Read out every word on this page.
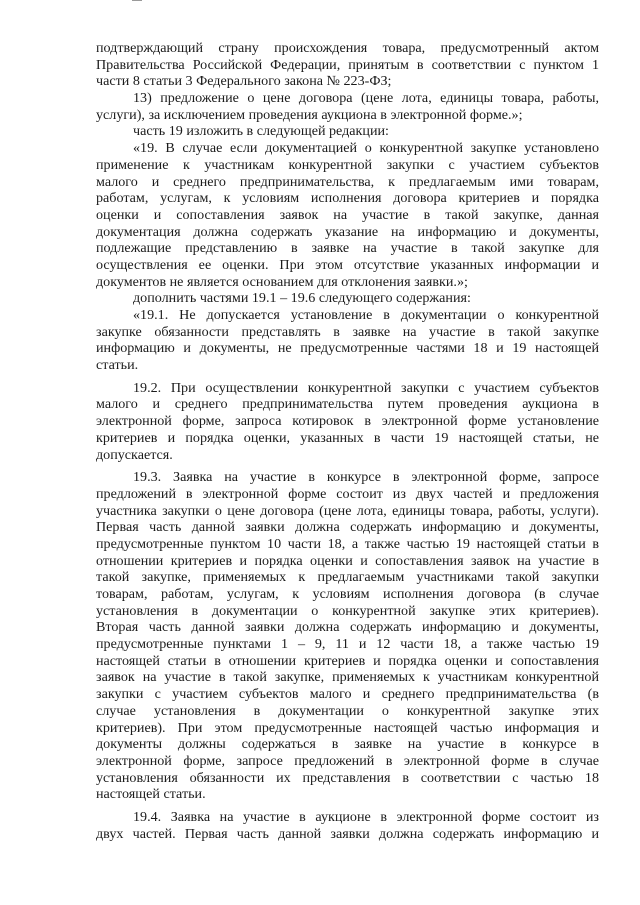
подтверждающий страну происхождения товара, предусмотренный актом
Правительства Российской Федерации, принятым в соответствии с пунктом 1
части 8 статьи 3 Федерального закона № 223-ФЗ;
13) предложение о цене договора (цене лота, единицы товара, работы,
услуги), за исключением проведения аукциона в электронной форме.»;
часть 19 изложить в следующей редакции:
«19. В случае если документацией о конкурентной закупке установлено
применение к участникам конкурентной закупки с участием субъектов
малого и среднего предпринимательства, к предлагаемым ими товарам,
работам, услугам, к условиям исполнения договора критериев и порядка
оценки и сопоставления заявок на участие в такой закупке, данная
документация должна содержать указание на информацию и документы,
подлежащие представлению в заявке на участие в такой закупке для
осуществления ее оценки. При этом отсутствие указанных информации и
документов не является основанием для отклонения заявки.»;
дополнить частями 19.1 – 19.6 следующего содержания:
«19.1. Не допускается установление в документации о конкурентной
закупке обязанности представлять в заявке на участие в такой закупке
информацию и документы, не предусмотренные частями 18 и 19 настоящей
статьи.
19.2. При осуществлении конкурентной закупки с участием субъектов
малого и среднего предпринимательства путем проведения аукциона в
электронной форме, запроса котировок в электронной форме установление
критериев и порядка оценки, указанных в части 19 настоящей статьи, не
допускается.
19.3. Заявка на участие в конкурсе в электронной форме, запросе
предложений в электронной форме состоит из двух частей и предложения
участника закупки о цене договора (цене лота, единицы товара, работы, услуги).
Первая часть данной заявки должна содержать информацию и документы,
предусмотренные пунктом 10 части 18, а также частью 19 настоящей статьи в
отношении критериев и порядка оценки и сопоставления заявок на участие в
такой закупке, применяемых к предлагаемым участниками такой закупки
товарам, работам, услугам, к условиям исполнения договора (в случае
установления в документации о конкурентной закупке этих критериев).
Вторая часть данной заявки должна содержать информацию и документы,
предусмотренные пунктами 1 – 9, 11 и 12 части 18, а также частью 19
настоящей статьи в отношении критериев и порядка оценки и сопоставления
заявок на участие в такой закупке, применяемых к участникам конкурентной
закупки с участием субъектов малого и среднего предпринимательства (в
случае установления в документации о конкурентной закупке этих
критериев). При этом предусмотренные настоящей частью информация и
документы должны содержаться в заявке на участие в конкурсе в
электронной форме, запросе предложений в электронной форме в случае
установления обязанности их представления в соответствии с частью 18
настоящей статьи.
19.4. Заявка на участие в аукционе в электронной форме состоит из
двух частей. Первая часть данной заявки должна содержать информацию и
